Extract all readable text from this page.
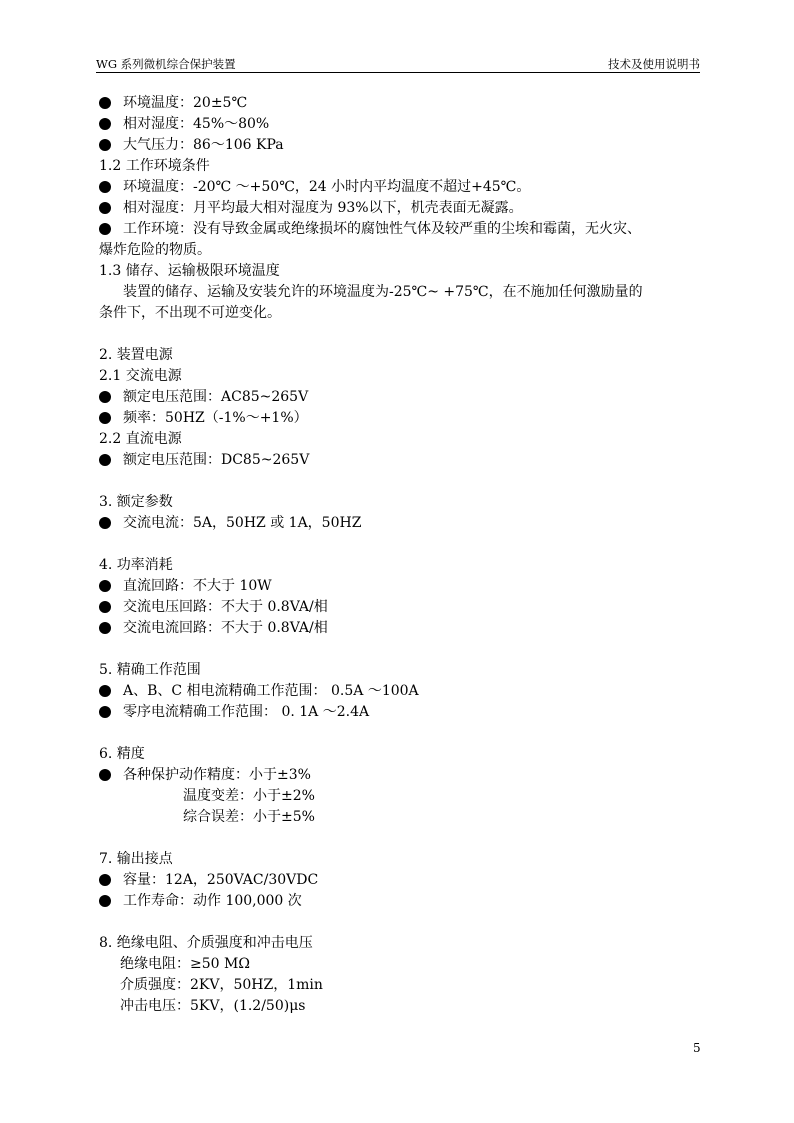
WG 系列微机综合保护装置	技术及使用说明书
环境温度：20±5℃
相对湿度：45%～80%
大气压力：86～106 KPa
1.2 工作环境条件
环境温度：-20℃ ～+50℃，24 小时内平均温度不超过+45℃。
相对湿度：月平均最大相对湿度为 93%以下，机壳表面无凝露。
工作环境：没有导致金属或绝缘损坏的腐蚀性气体及较严重的尘埃和霉菌，无火灾、
爆炸危险的物质。
1.3 储存、运输极限环境温度
装置的储存、运输及安装允许的环境温度为-25℃~ +75℃，在不施加任何激励量的
条件下，不出现不可逆变化。
2. 装置电源
2.1 交流电源
额定电压范围：AC85~265V
频率：50HZ（-1%～+1%）
2.2 直流电源
额定电压范围：DC85~265V
3. 额定参数
交流电流：5A，50HZ 或 1A，50HZ
4. 功率消耗
直流回路：不大于 10W
交流电压回路：不大于 0.8VA/相
交流电流回路：不大于 0.8VA/相
5. 精确工作范围
A、B、C 相电流精确工作范围： 0.5A ～100A
零序电流精确工作范围： 0. 1A ～2.4A
6. 精度
各种保护动作精度：小于±3%
温度变差：小于±2%
综合误差：小于±5%
7. 输出接点
容量：12A，250VAC/30VDC
工作寿命：动作 100,000 次
8. 绝缘电阻、介质强度和冲击电压
绝缘电阻：≥50 MΩ
介质强度：2KV，50HZ，1min
冲击电压：5KV，(1.2/50)μs
5
